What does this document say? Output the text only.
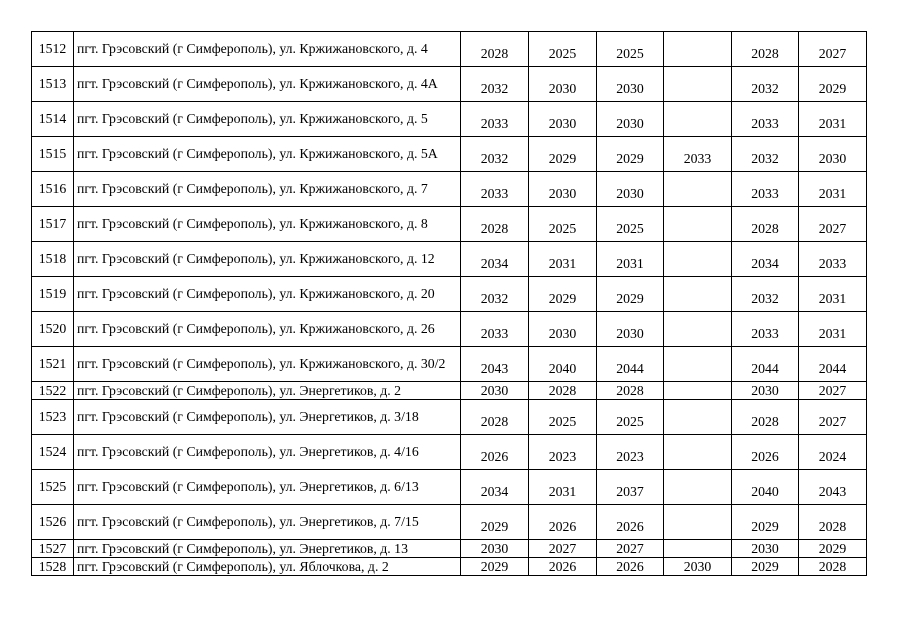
1512	пгт. Грэсовский (г Симферополь), ул. Кржижановского, д. 4	2028	2025	2025		2028	2027
1513	пгт. Грэсовский (г Симферополь), ул. Кржижановского, д. 4А	2032	2030	2030		2032	2029
1514	пгт. Грэсовский (г Симферополь), ул. Кржижановского, д. 5	2033	2030	2030		2033	2031
1515	пгт. Грэсовский (г Симферополь), ул. Кржижановского, д. 5А	2032	2029	2029	2033	2032	2030
1516	пгт. Грэсовский (г Симферополь), ул. Кржижановского, д. 7	2033	2030	2030		2033	2031
1517	пгт. Грэсовский (г Симферополь), ул. Кржижановского, д. 8	2028	2025	2025		2028	2027
1518	пгт. Грэсовский (г Симферополь), ул. Кржижановского, д. 12	2034	2031	2031		2034	2033
1519	пгт. Грэсовский (г Симферополь), ул. Кржижановского, д. 20	2032	2029	2029		2032	2031
1520	пгт. Грэсовский (г Симферополь), ул. Кржижановского, д. 26	2033	2030	2030		2033	2031
1521	пгт. Грэсовский (г Симферополь), ул. Кржижановского, д. 30/2	2043	2040	2044		2044	2044
1522	пгт. Грэсовский (г Симферополь), ул. Энергетиков, д. 2	2030	2028	2028		2030	2027
1523	пгт. Грэсовский (г Симферополь), ул. Энергетиков, д. 3/18	2028	2025	2025		2028	2027
1524	пгт. Грэсовский (г Симферополь), ул. Энергетиков, д. 4/16	2026	2023	2023		2026	2024
1525	пгт. Грэсовский (г Симферополь), ул. Энергетиков, д. 6/13	2034	2031	2037		2040	2043
1526	пгт. Грэсовский (г Симферополь), ул. Энергетиков, д. 7/15	2029	2026	2026		2029	2028
1527	пгт. Грэсовский (г Симферополь), ул. Энергетиков, д. 13	2030	2027	2027		2030	2029
1528	пгт. Грэсовский (г Симферополь), ул. Яблочкова, д. 2	2029	2026	2026	2030	2029	2028
